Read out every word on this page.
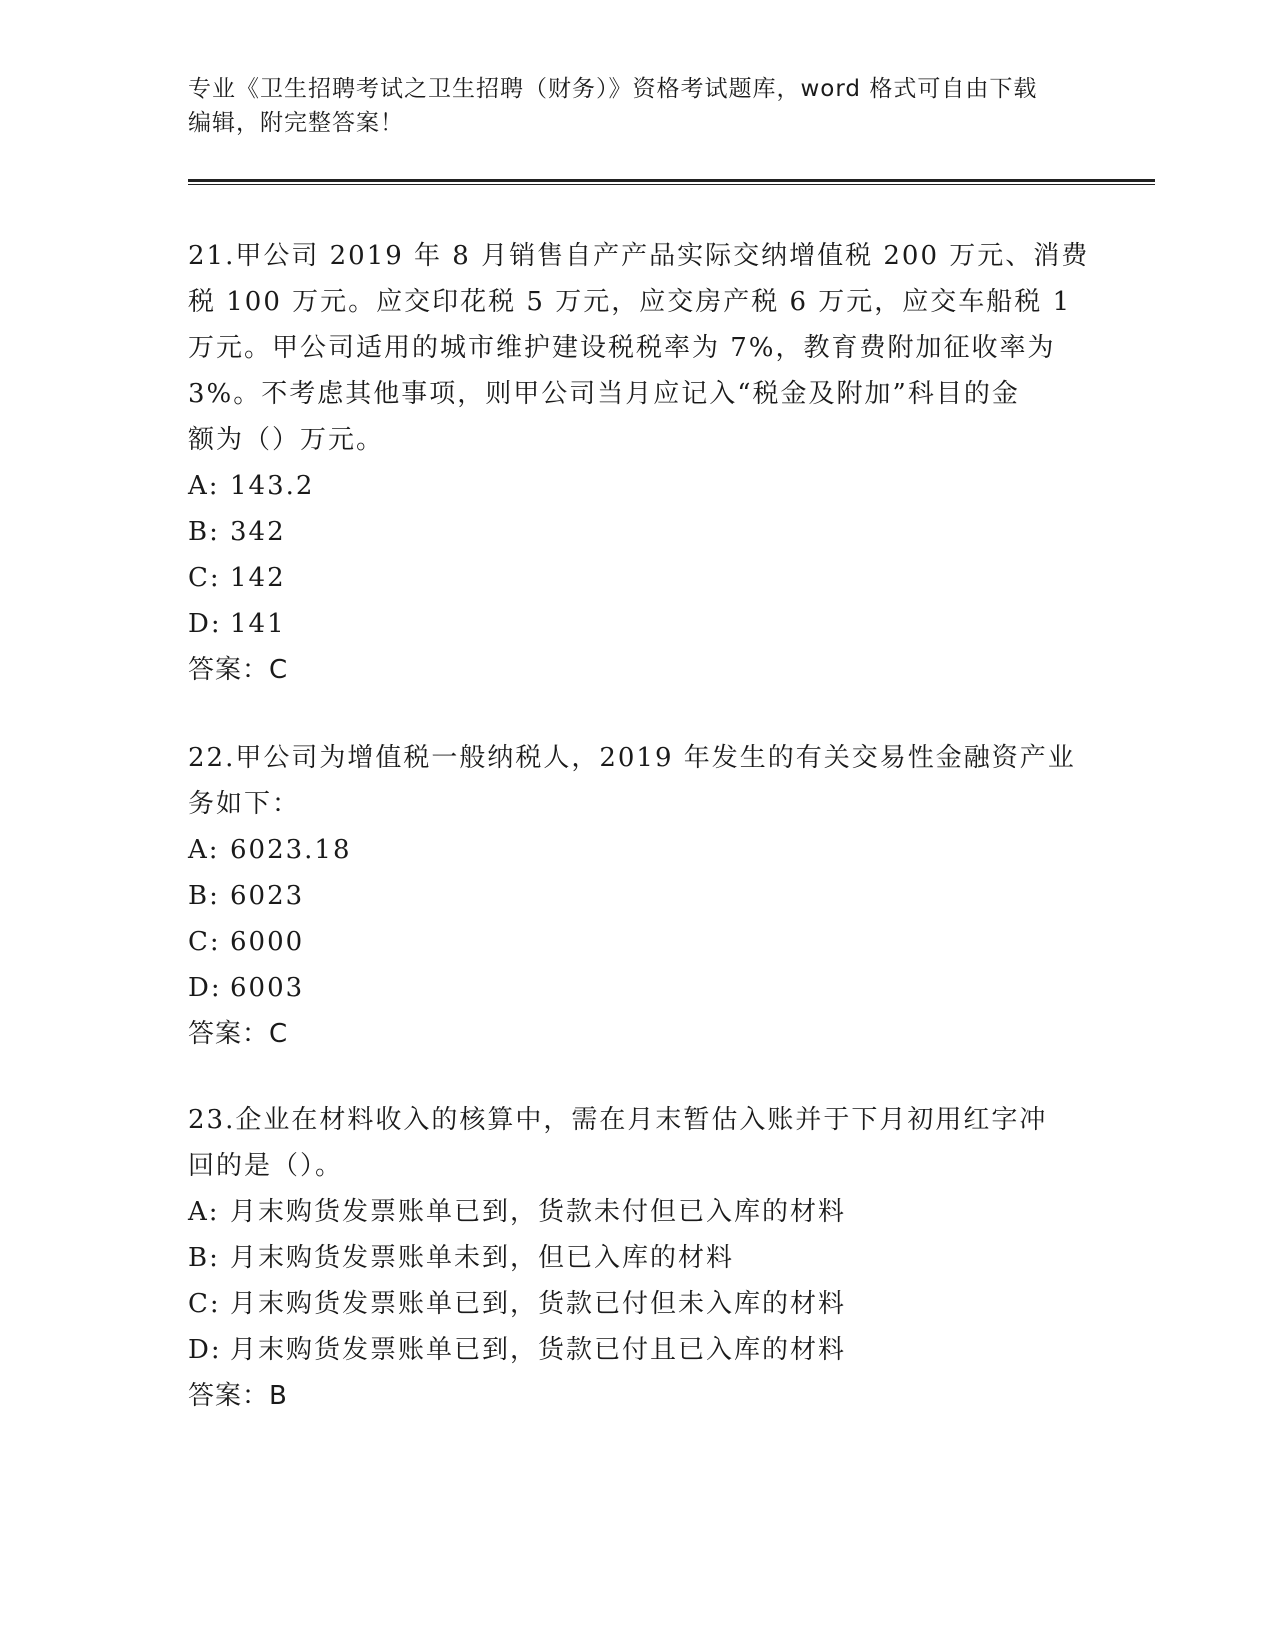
专业《卫生招聘考试之卫生招聘（财务）》资格考试题库，word 格式可自由下载
编辑，附完整答案！
21.甲公司 2019 年 8 月销售自产产品实际交纳增值税 200 万元、消费
税 100 万元。应交印花税 5 万元，应交房产税 6 万元，应交车船税 1
万元。甲公司适用的城市维护建设税税率为 7%，教育费附加征收率为
3%。不考虑其他事项，则甲公司当月应记入“税金及附加”科目的金
额为（）万元。
A: 143.2
B: 342
C: 142
D: 141
答案：C
22.甲公司为增值税一般纳税人，2019 年发生的有关交易性金融资产业
务如下：
A: 6023.18
B: 6023
C: 6000
D: 6003
答案：C
23.企业在材料收入的核算中，需在月末暂估入账并于下月初用红字冲
回的是（）。
A: 月末购货发票账单已到，货款未付但已入库的材料
B: 月末购货发票账单未到，但已入库的材料
C: 月末购货发票账单已到，货款已付但未入库的材料
D: 月末购货发票账单已到，货款已付且已入库的材料
答案：B
